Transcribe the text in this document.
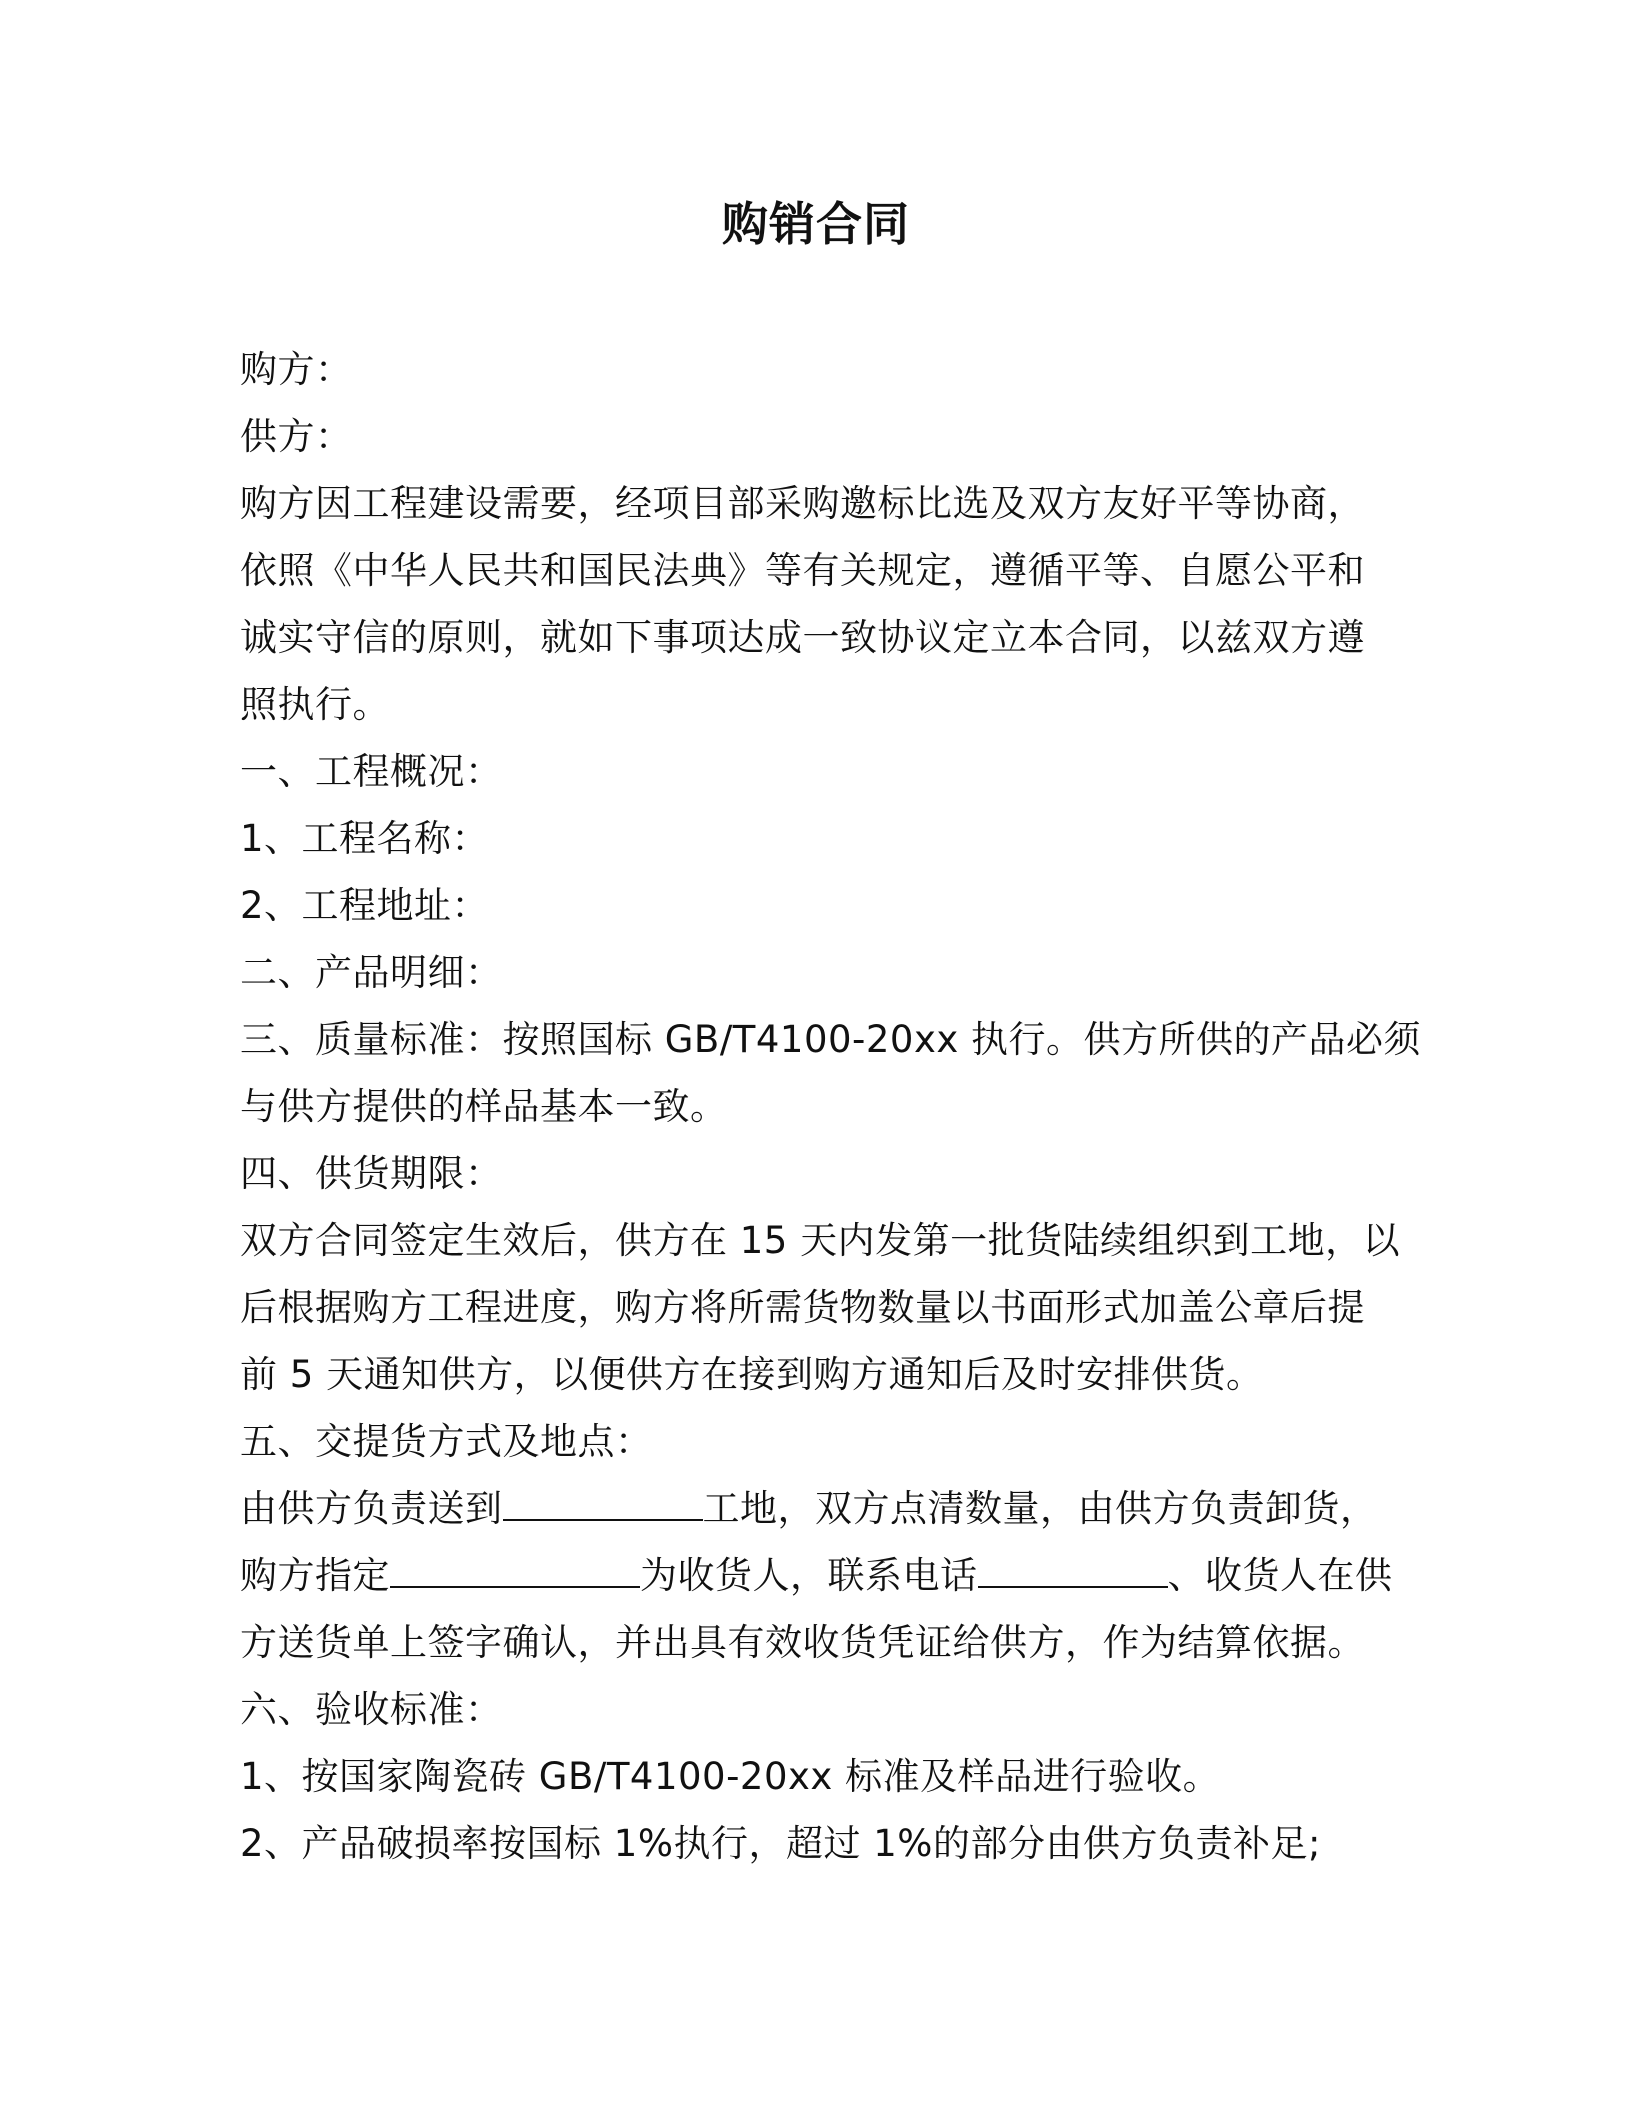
购销合同
购方：
供方：
购方因工程建设需要，经项目部采购邀标比选及双方友好平等协商，
依照《中华人民共和国民法典》等有关规定，遵循平等、自愿公平和
诚实守信的原则，就如下事项达成一致协议定立本合同，以兹双方遵
照执行。
一、工程概况：
1、工程名称：
2、工程地址：
二、产品明细：
三、质量标准：按照国标 GB/T4100-20xx 执行。供方所供的产品必须
与供方提供的样品基本一致。
四、供货期限：
双方合同签定生效后，供方在 15 天内发第一批货陆续组织到工地，以
后根据购方工程进度，购方将所需货物数量以书面形式加盖公章后提
前 5 天通知供方，以便供方在接到购方通知后及时安排供货。
五、交提货方式及地点：
由供方负责送到	工地，双方点清数量，由供方负责卸货，
购方指定	为收货人，联系电话	、收货人在供
方送货单上签字确认，并出具有效收货凭证给供方，作为结算依据。
六、验收标准：
1、按国家陶瓷砖 GB/T4100-20xx 标准及样品进行验收。
2、产品破损率按国标 1%执行，超过 1%的部分由供方负责补足;
